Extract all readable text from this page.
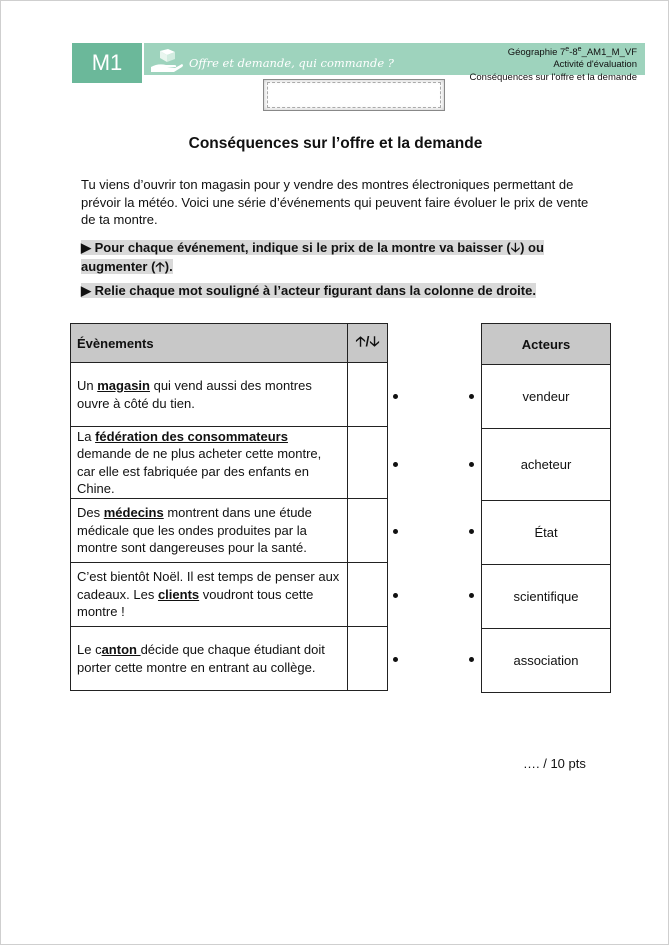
M1	Offre et demande, qui commande ?
Géographie 7e-8e_AM1_M_VF
Activité d'évaluation
Conséquences sur l'offre et la demande
Conséquences sur l’offre et la demande
Tu viens d’ouvrir ton magasin pour y vendre des montres électroniques permettant de prévoir la météo. Voici une série d’événements qui peuvent faire évoluer le prix de vente de ta montre.
▶ Pour chaque événement, indique si le prix de la montre va baisser (🡣) ou augmenter (🡡).
▶ Relie chaque mot souligné à l’acteur figurant dans la colonne de droite.
Évènements	🡡/🡣
Un magasin qui vend aussi des montres ouvre à côté du tien.	
La fédération des consommateurs demande de ne plus acheter cette montre, car elle est fabriquée par des enfants en Chine.	
Des médecins montrent dans une étude médicale que les ondes produites par la montre sont dangereuses pour la santé.	
C’est bientôt Noël. Il est temps de penser aux cadeaux. Les clients voudront tous cette montre !	
Le canton décide que chaque étudiant doit porter cette montre en entrant au collège.	
Acteurs
vendeur
acheteur
État
scientifique
association
…. / 10 pts
